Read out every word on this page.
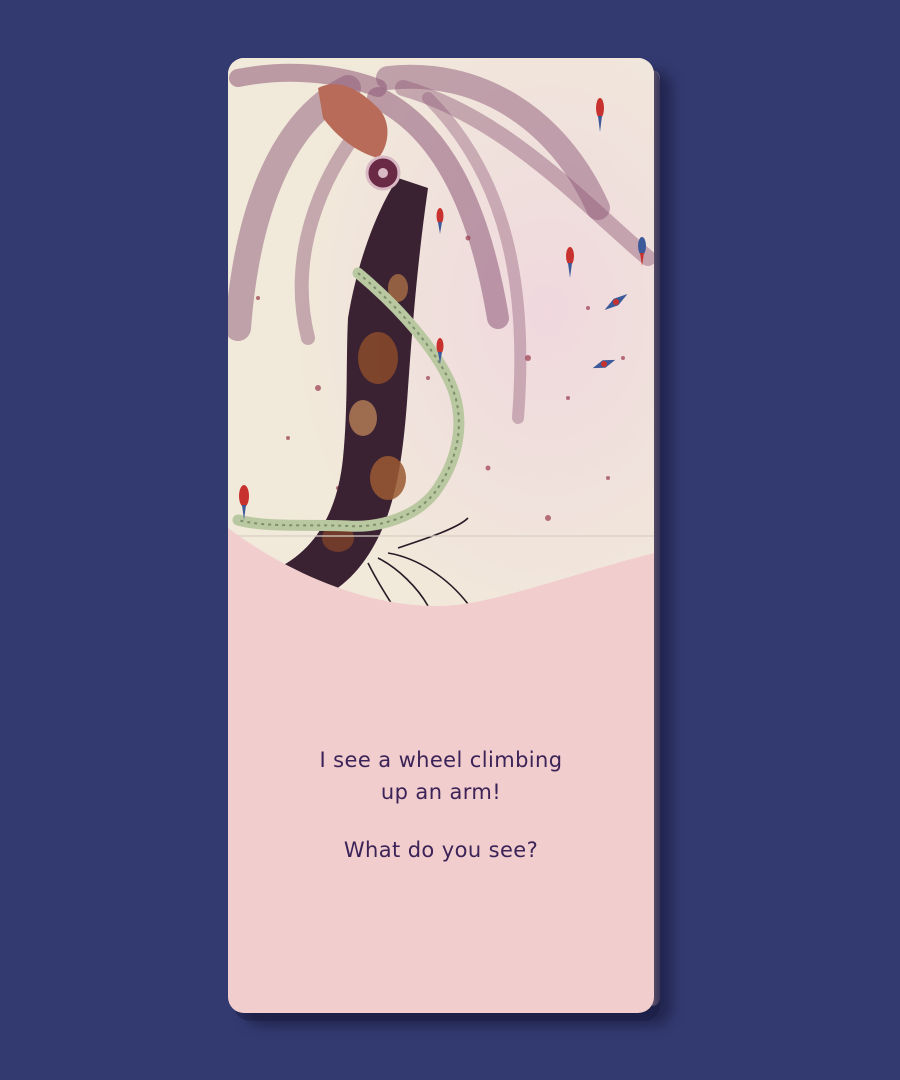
I see a wheel climbing
up an arm!
What do you see?
